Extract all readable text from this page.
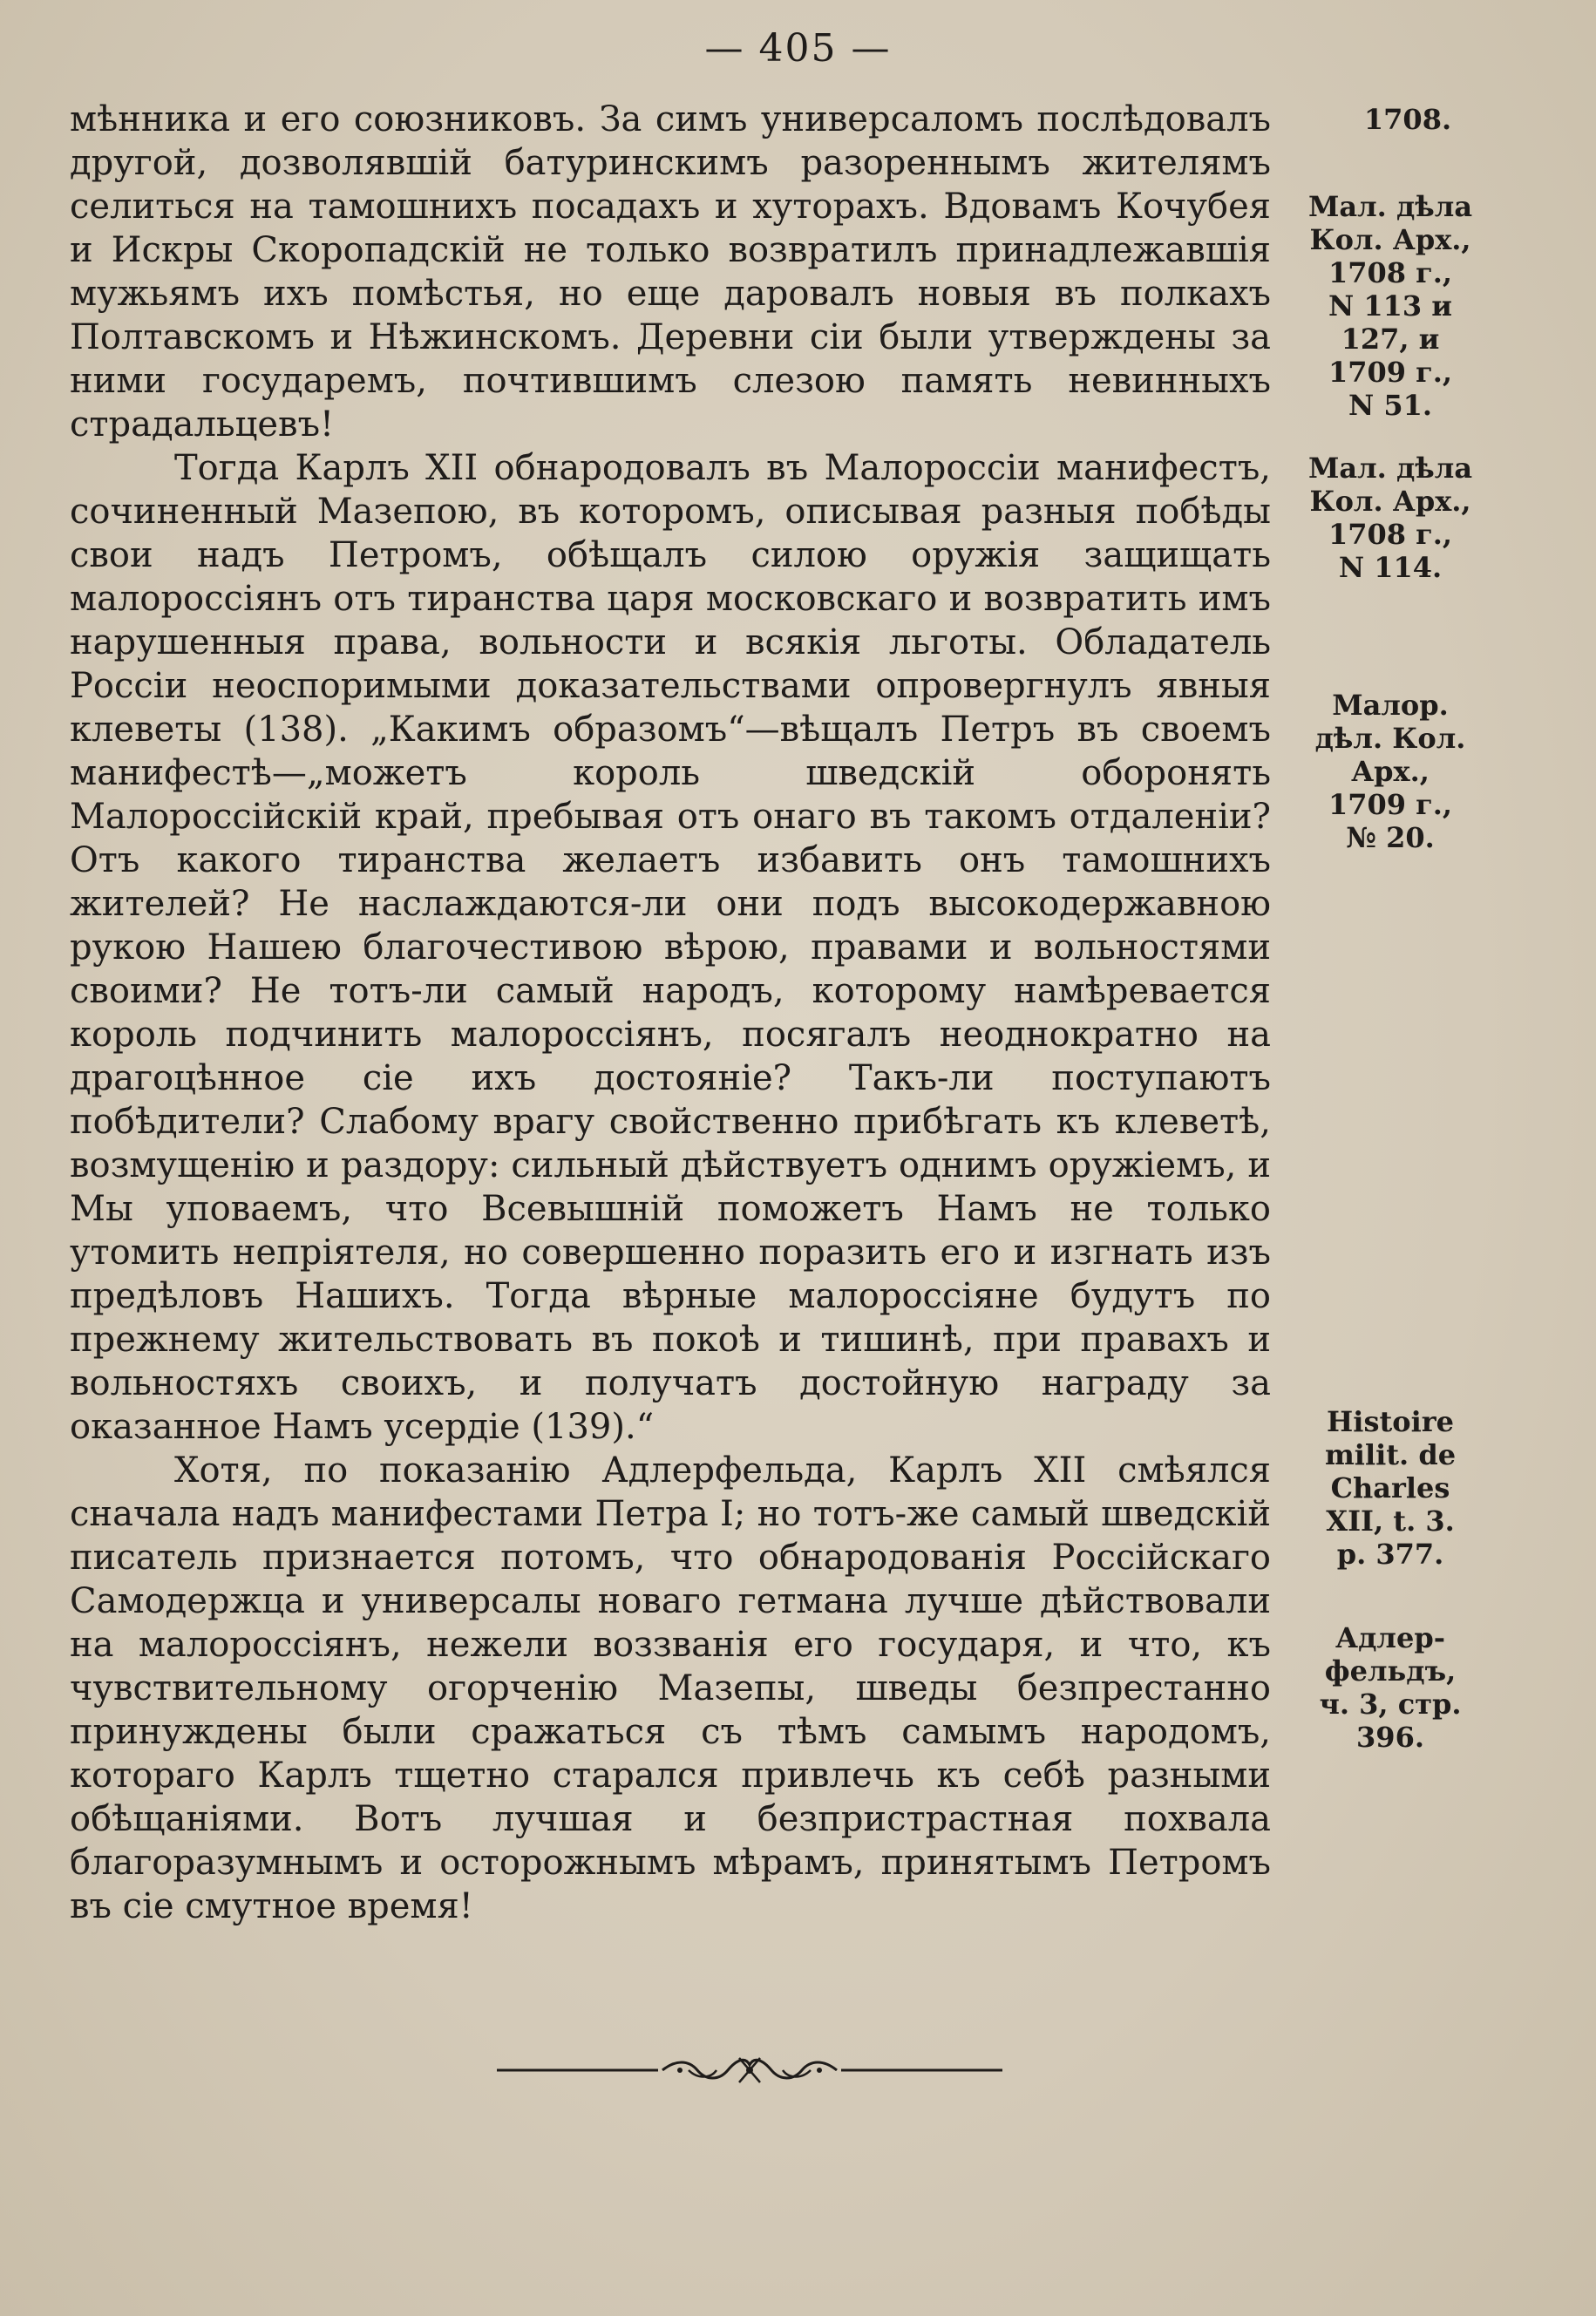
— 405 —

мѣнника и его союзниковъ. За симъ универсаломъ послѣдовалъ другой, дозволявшій батуринскимъ разореннымъ жителямъ селиться на тамошнихъ посадахъ и хуторахъ. Вдовамъ Кочубея и Искры Скоропадскій не только возвратилъ принадлежавшія мужьямъ ихъ помѣстья, но еще даровалъ новыя въ полкахъ Полтавскомъ и Нѣжинскомъ. Деревни сіи были утверждены за ними государемъ, почтившимъ слезою память невинныхъ страдальцевъ!

Тогда Карлъ XII обнародовалъ въ Малороссіи манифестъ, сочиненный Мазепою, въ которомъ, описывая разныя побѣды свои надъ Петромъ, обѣщалъ силою оружія защищать малороссіянъ отъ тиранства царя московскаго и возвратить имъ нарушенныя права, вольности и всякія льготы. Обладатель Россіи неоспоримыми доказательствами опровергнулъ явныя клеветы (138). „Какимъ образомъ“—вѣщалъ Петръ въ своемъ манифестѣ—„можетъ король шведскій оборонять Малороссійскій край, пребывая отъ онаго въ такомъ отдаленіи? Отъ какого тиранства желаетъ избавить онъ тамошнихъ жителей? Не наслаждаются-ли они подъ высокодержавною рукою Нашею благочестивою вѣрою, правами и вольностями своими? Не тотъ-ли самый народъ, которому намѣревается король подчинить малороссіянъ, посягалъ неоднократно на драгоцѣнное сіе ихъ достояніе? Такъ-ли поступаютъ побѣдители? Слабому врагу свойственно прибѣгать къ клеветѣ, возмущенію и раздору: сильный дѣйствуетъ однимъ оружіемъ, и Мы уповаемъ, что Всевышній поможетъ Намъ не только утомить непріятеля, но совершенно поразить его и изгнать изъ предѣловъ Нашихъ. Тогда вѣрные малороссіяне будутъ по прежнему жительствовать въ покоѣ и тишинѣ, при правахъ и вольностяхъ своихъ, и получатъ достойную награду за оказанное Намъ усердіе (139).“

Хотя, по показанію Адлерфельда, Карлъ XII смѣялся сначала надъ манифестами Петра I; но тотъ-же самый шведскій писатель признается потомъ, что обнародованія Россійскаго Самодержца и универсалы новаго гетмана лучше дѣйствовали на малороссіянъ, нежели воззванія его государя, и что, къ чувствительному огорченію Мазепы, шведы безпрестанно принуждены были сражаться съ тѣмъ самымъ народомъ, котораго Карлъ тщетно старался привлечь къ себѣ разными обѣщаніями. Вотъ лучшая и безпристрастная похвала благоразумнымъ и осторожнымъ мѣрамъ, принятымъ Петромъ въ сіе смутное время!

1708.
Мал. дѣла
Кол. Арх.,
1708 г.,
N 113 и
127, и
1709 г.,
N 51.
Мал. дѣла
Кол. Арх.,
1708 г.,
N 114.
Малор.
дѣл. Кол.
Арх.,
1709 г.,
№ 20.
Histoire
milit. de
Charles
XII, t. 3.
p. 377.
Адлер-
фельдъ,
ч. 3, стр.
396.
